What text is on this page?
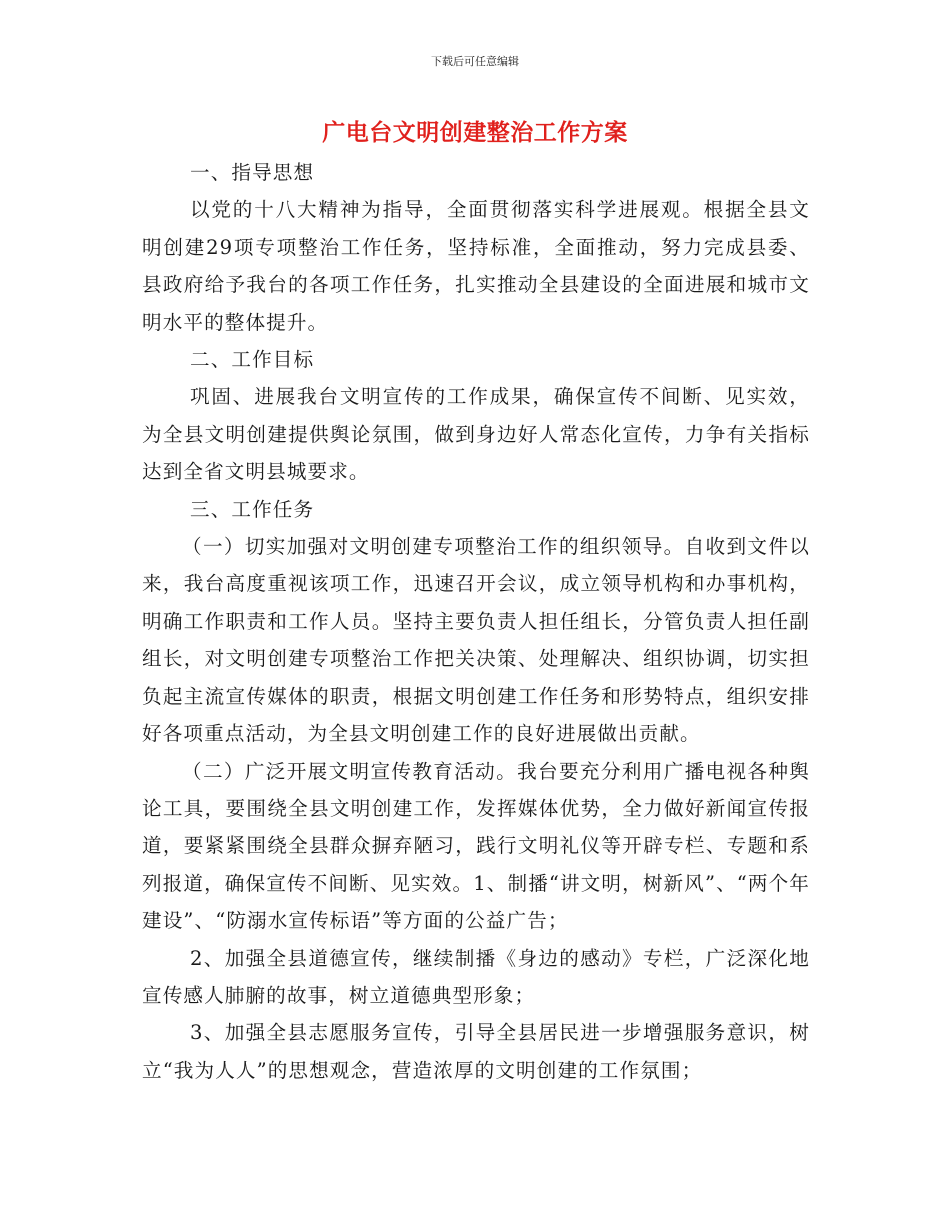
下载后可任意编辑
广电台文明创建整治工作方案

一、指导思想

以党的十八大精神为指导，全面贯彻落实科学进展观。根据全县文明创建29项专项整治工作任务，坚持标准，全面推动，努力完成县委、县政府给予我台的各项工作任务，扎实推动全县建设的全面进展和城市文明水平的整体提升。

二、工作目标

巩固、进展我台文明宣传的工作成果，确保宣传不间断、见实效，为全县文明创建提供舆论氛围，做到身边好人常态化宣传，力争有关指标达到全省文明县城要求。

三、工作任务

（一）切实加强对文明创建专项整治工作的组织领导。自收到文件以来，我台高度重视该项工作，迅速召开会议，成立领导机构和办事机构，明确工作职责和工作人员。坚持主要负责人担任组长，分管负责人担任副组长，对文明创建专项整治工作把关决策、处理解决、组织协调，切实担负起主流宣传媒体的职责，根据文明创建工作任务和形势特点，组织安排好各项重点活动，为全县文明创建工作的良好进展做出贡献。

（二）广泛开展文明宣传教育活动。我台要充分利用广播电视各种舆论工具，要围绕全县文明创建工作，发挥媒体优势，全力做好新闻宣传报道，要紧紧围绕全县群众摒弃陋习，践行文明礼仪等开辟专栏、专题和系列报道，确保宣传不间断、见实效。1、制播“讲文明，树新风”、“两个年建设”、“防溺水宣传标语”等方面的公益广告；

2、加强全县道德宣传，继续制播《身边的感动》专栏，广泛深化地宣传感人肺腑的故事，树立道德典型形象；

3、加强全县志愿服务宣传，引导全县居民进一步增强服务意识，树立“我为人人”的思想观念，营造浓厚的文明创建的工作氛围；
